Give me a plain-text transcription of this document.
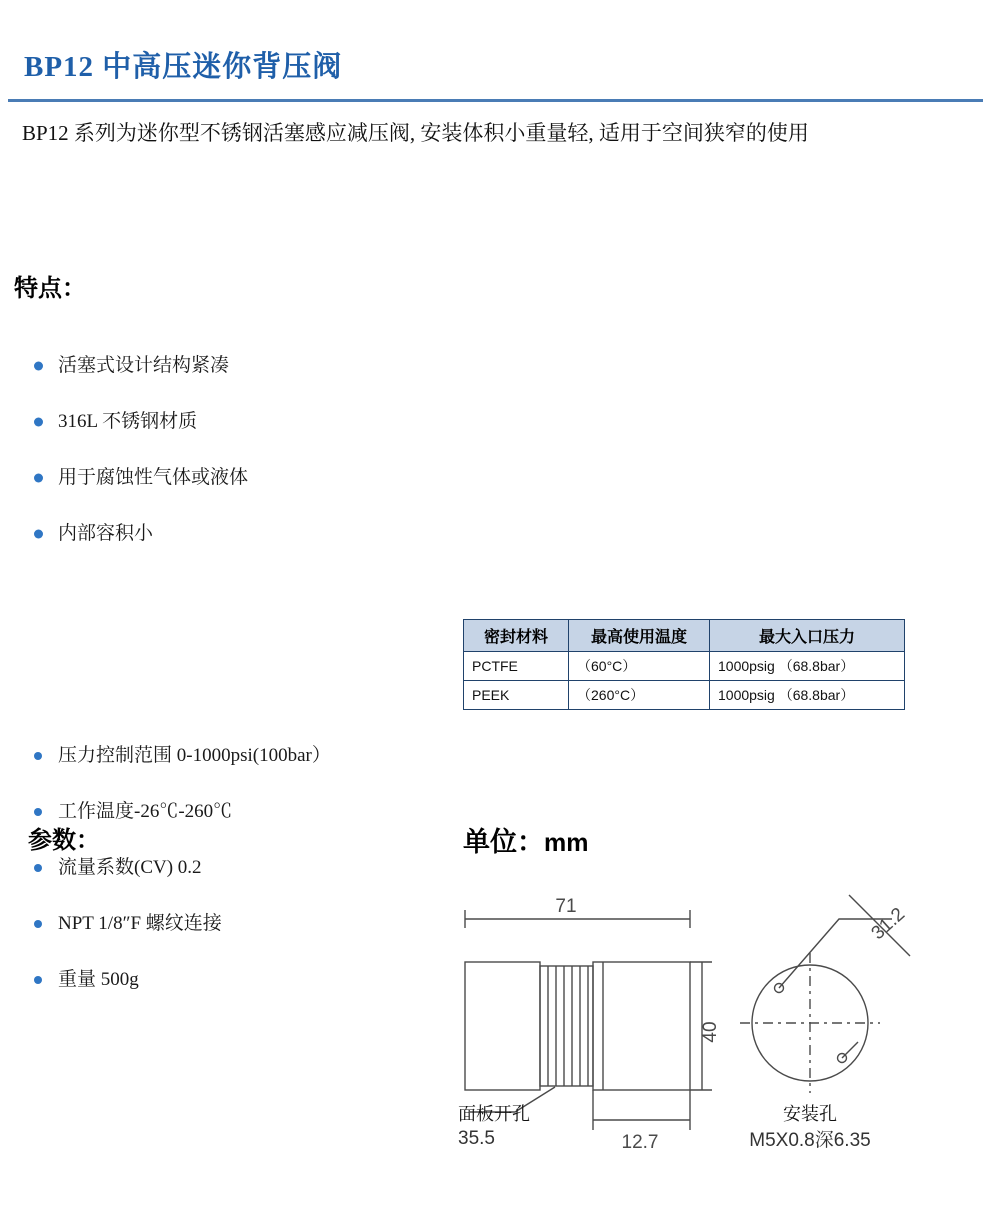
BP12 中高压迷你背压阀
BP12 系列为迷你型不锈钢活塞感应减压阀, 安装体积小重量轻, 适用于空间狭窄的使用
特点：
活塞式设计结构紧凑
316L 不锈钢材质
用于腐蚀性气体或液体
内部容积小
参数：
压力控制范围 0-1000psi(100bar）
工作温度-26℃-260℃
流量系数(CV) 0.2
NPT 1/8″F 螺纹连接
重量 500g
密封材料	最高使用温度	最大入口压力
PCTFE	（60°C）	1000psig （68.8bar）
PEEK	（260°C）	1000psig （68.8bar）
单位：mm
71
40
12.7
31.2
面板开孔
35.5
安装孔
M5X0.8深6.35
